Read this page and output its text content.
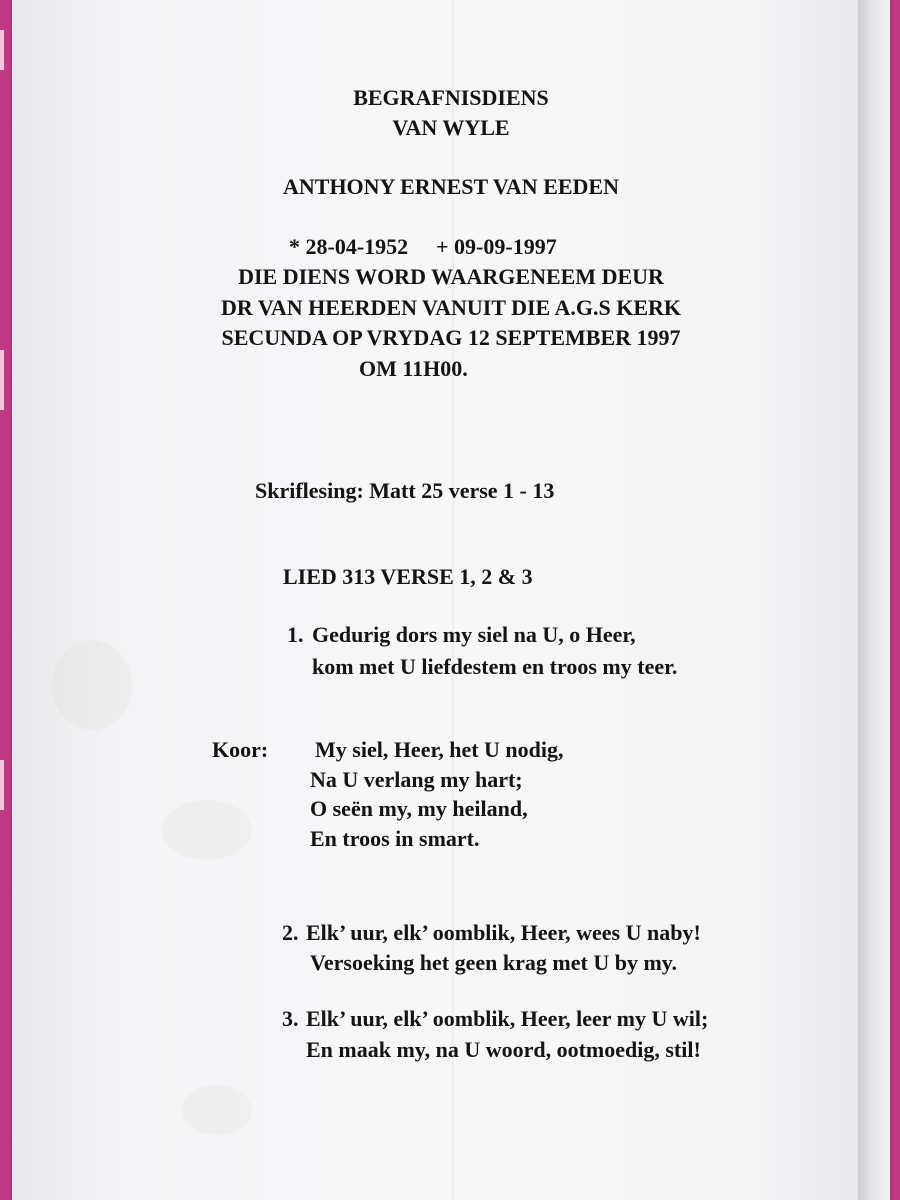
BEGRAFNISDIENS
VAN WYLE
ANTHONY ERNEST VAN EEDEN
* 28-04-1952 + 09-09-1997
DIE DIENS WORD WAARGENEEM DEUR
DR VAN HEERDEN VANUIT DIE A.G.S KERK
SECUNDA OP VRYDAG 12 SEPTEMBER 1997
OM 11H00.
Skriflesing: Matt 25 verse 1 - 13
LIED 313 VERSE 1, 2 & 3
1. Gedurig dors my siel na U, o Heer,
kom met U liefdestem en troos my teer.
Koor: My siel, Heer, het U nodig,
Na U verlang my hart;
O seën my, my heiland,
En troos in smart.
2. Elk’ uur, elk’ oomblik, Heer, wees U naby!
Versoeking het geen krag met U by my.
3. Elk’ uur, elk’ oomblik, Heer, leer my U wil;
En maak my, na U woord, ootmoedig, stil!
